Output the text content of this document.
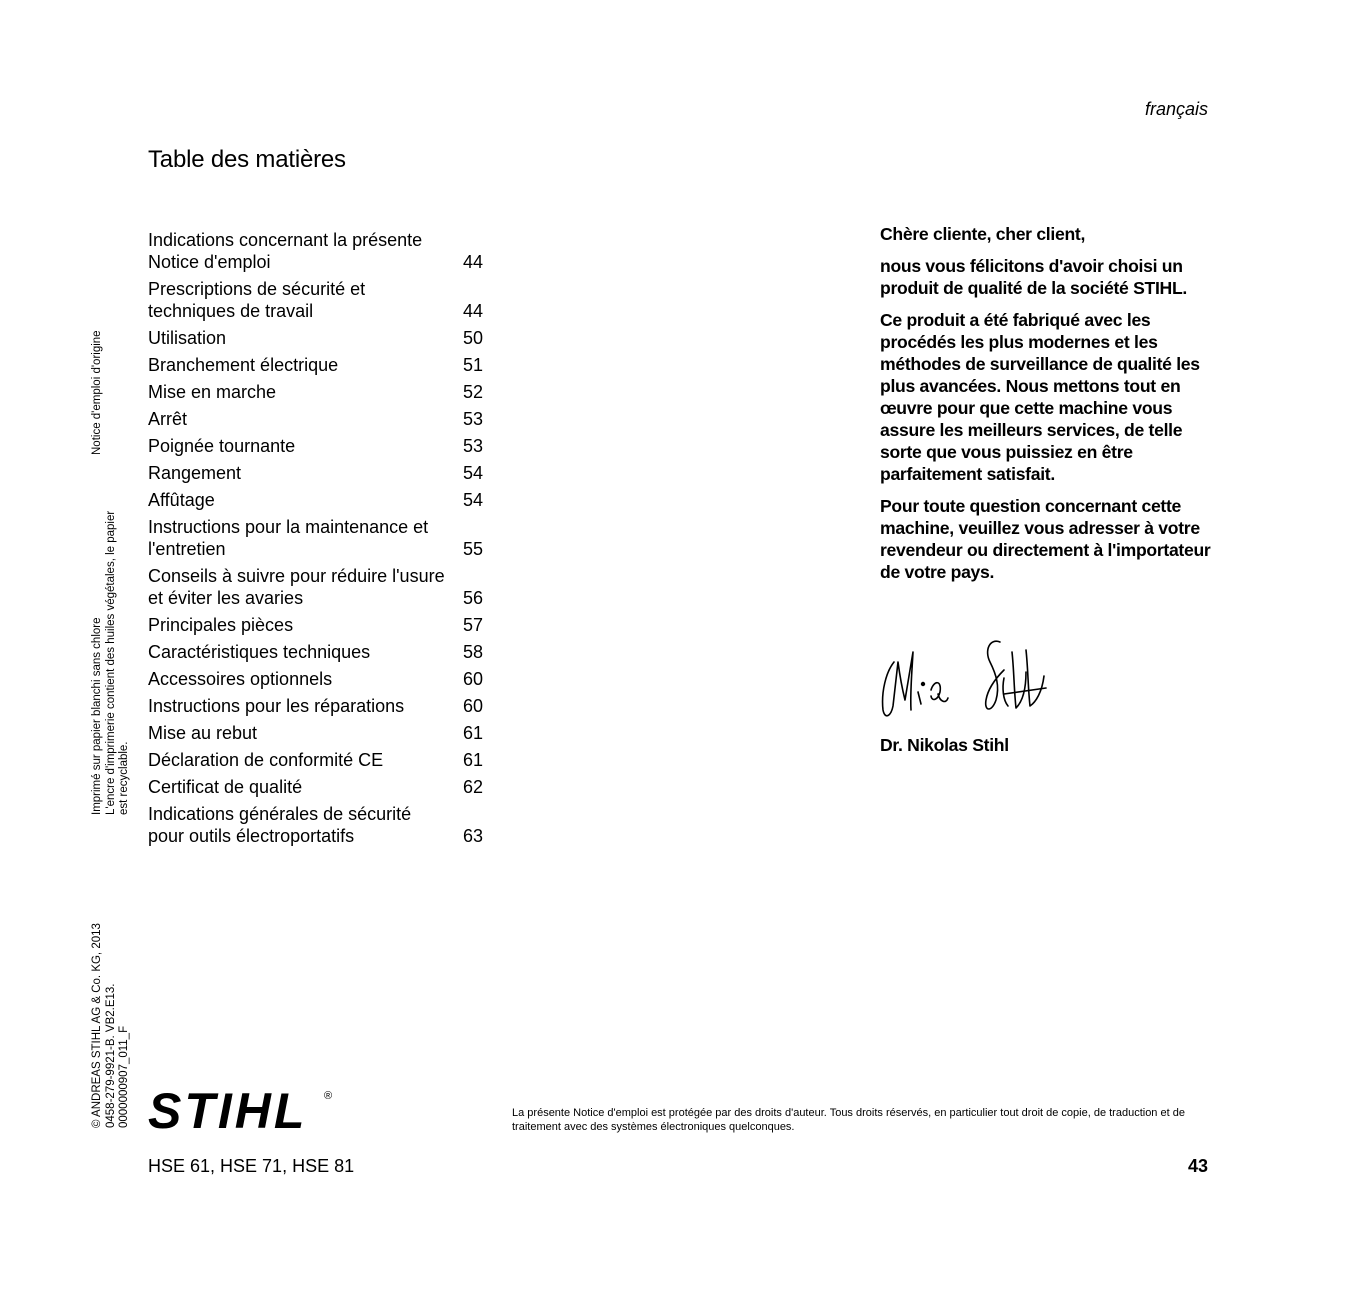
français
Table des matières
Indications concernant la présente Notice d'emploi	44
Prescriptions de sécurité et techniques de travail	44
Utilisation	50
Branchement électrique	51
Mise en marche	52
Arrêt	53
Poignée tournante	53
Rangement	54
Affûtage	54
Instructions pour la maintenance et l'entretien	55
Conseils à suivre pour réduire l'usure et éviter les avaries	56
Principales pièces	57
Caractéristiques techniques	58
Accessoires optionnels	60
Instructions pour les réparations	60
Mise au rebut	61
Déclaration de conformité CE	61
Certificat de qualité	62
Indications générales de sécurité pour outils électroportatifs	63

Chère cliente, cher client,

nous vous félicitons d'avoir choisi un produit de qualité de la société STIHL.

Ce produit a été fabriqué avec les procédés les plus modernes et les méthodes de surveillance de qualité les plus avancées. Nous mettons tout en œuvre pour que cette machine vous assure les meilleurs services, de telle sorte que vous puissiez en être parfaitement satisfait.

Pour toute question concernant cette machine, veuillez vous adresser à votre revendeur ou directement à l'importateur de votre pays.

Dr. Nikolas Stihl
Notice d'emploi d'origine
Imprimé sur papier blanchi sans chlore L'encre d'imprimerie contient des huiles végétales, le papier est recyclable.
© ANDREAS STIHL AG & Co. KG, 2013 0458-279-9921-B. VB2.E13. 0000000907_011_F STIHL ®
La présente Notice d'emploi est protégée par des droits d'auteur. Tous droits réservés, en particulier tout droit de copie, de traduction et de traitement avec des systèmes électroniques quelconques.
HSE 61, HSE 71, HSE 81	43
